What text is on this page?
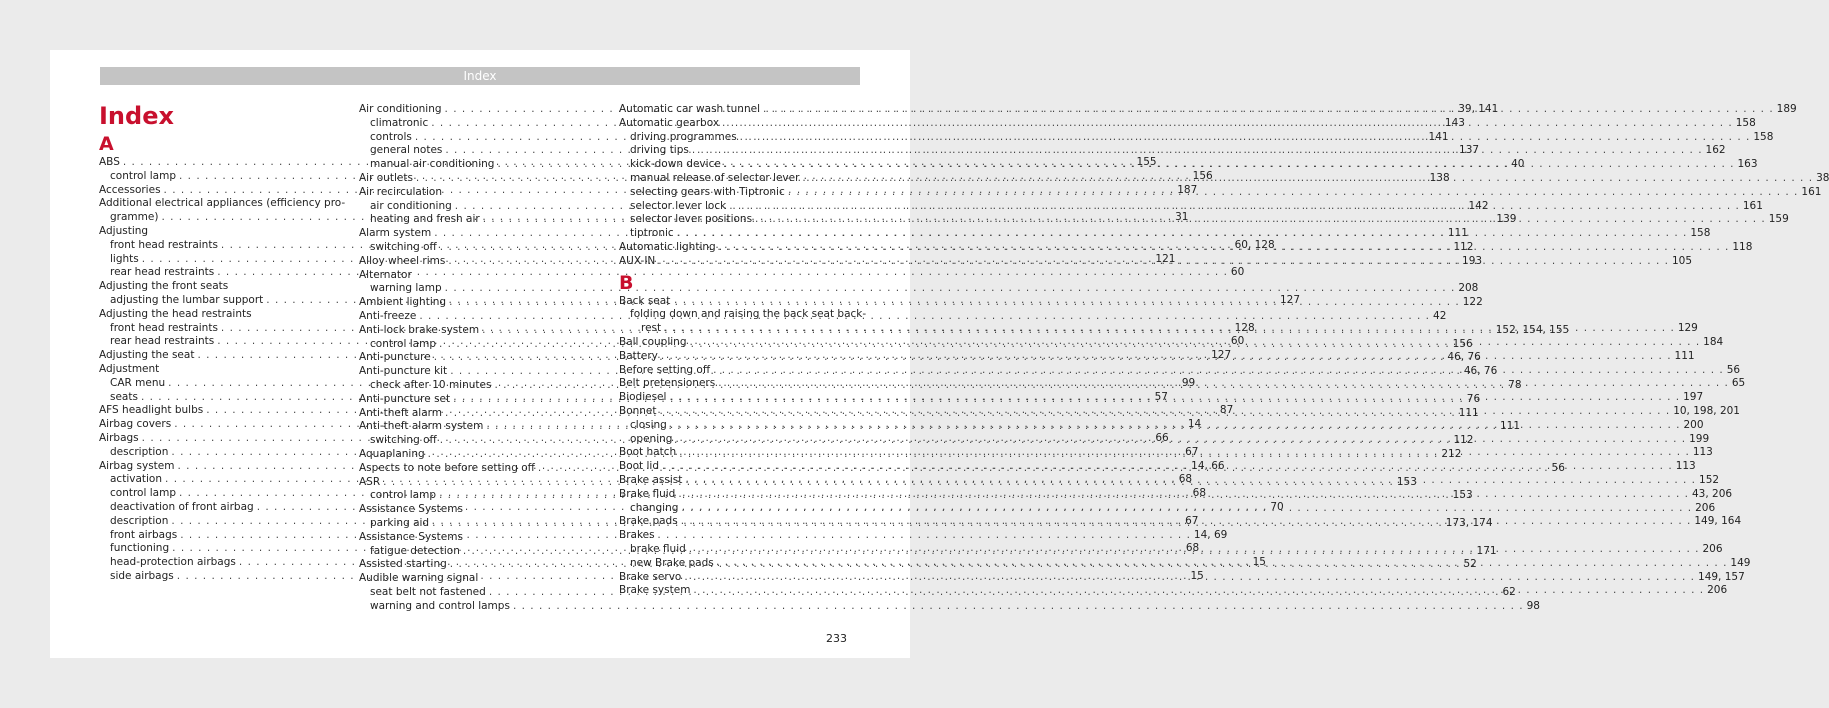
Index
Index
A
ABS . . .	155
control lamp . . .	156
Accessories . . .	187
Additional electrical appliances (efficiency pro-
gramme) . . .	31
Adjusting
front head restraints . . .	60, 128
lights . . .	121
rear head restraints . . .	60
Adjusting the front seats
adjusting the lumbar support . . .	127
Adjusting the head restraints
front head restraints . . .	128
rear head restraints . . .	60
Adjusting the seat . . .	127
Adjustment
CAR menu . . .	99
seats . . .	57
AFS headlight bulbs . . .	87
Airbag covers . . .	14
Airbags . . .	66
description . . .	67
Airbag system . . .	14, 66
activation . . .	68
control lamp . . .	68
deactivation of front airbag . . .	70
description . . .	67
front airbags . . .	14, 69
functioning . . .	68
head-protection airbags . . .	15
side airbags . . .	15
Air conditioning . . .	39, 141
climatronic . . .	143
controls . . .	141
general notes . . .	137
manual air conditioning . . .	40
Air outlets . . .	138
Air recirculation
air conditioning . . .	142
heating and fresh air . . .	139
Alarm system . . .	111
switching off . . .	112
Alloy wheel rims . . .	193
Alternator
warning lamp . . .	208
Ambient lighting . . .	122
Anti-freeze . . .	42
Anti-lock brake system . . .	152, 154, 155
control lamp . . .	156
Anti-puncture . . .	46, 76
Anti-puncture kit . . .	46, 76
check after 10 minutes . . .	78
Anti-puncture set . . .	76
Anti-theft alarm . . .	111
Anti-theft alarm system . . .	111
switching off . . .	112
Aquaplaning . . .	212
Aspects to note before setting off . . .	56
ASR . . .	153
control lamp . . .	153
Assistance Systems
parking aid . . .	173, 174
Assistance Systems
fatigue detection . . .	171
Assisted starting . . .	52
Audible warning signal
seat belt not fastened . . .	62
warning and control lamps . . .	98
Automatic car wash tunnel . . .	189
Automatic gearbox . . .	158
driving programmes . . .	158
driving tips . . .	162
kick-down device . . .	163
manual release of selector lever . . .	38
selecting gears with Tiptronic . . .	161
selector lever lock . . .	161
selector lever positions . . .	159
tiptronic . . .	158
Automatic lighting . . .	118
AUX-IN . . .	105
B
Back seat
folding down and raising the back seat back-
rest . . .	129
Ball coupling . . .	184
Battery . . .	111
Before setting off . . .	56
Belt pretensioners . . .	65
Biodiesel . . .	197
Bonnet . . .	10, 198, 201
closing . . .	200
opening . . .	199
Boot hatch . . .	113
Boot lid . . .	113
Brake assist . . .	152
Brake fluid . . .	43, 206
changing . . .	206
Brake pads . . .	149, 164
Brakes
brake fluid . . .	206
new Brake pads . . .	149
Brake servo . . .	149, 157
Brake system . . .	206
233
